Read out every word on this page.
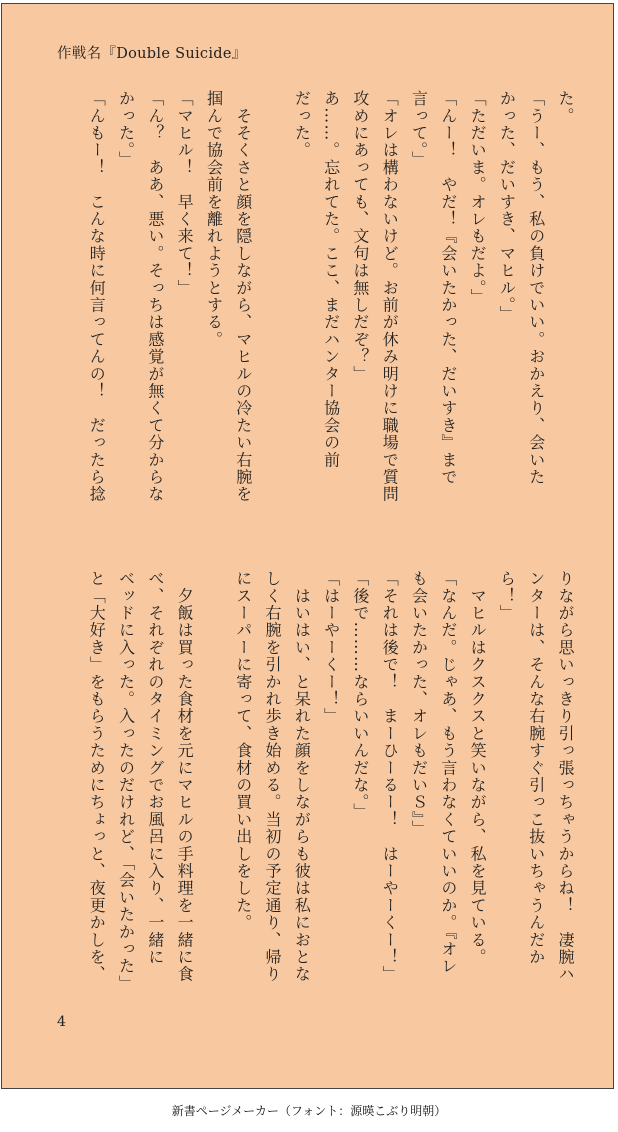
作戦名『Double Suicide』
た。
「うー、もう、私の負けでいい。おかえり、会いた
かった、だいすき、マヒル。」
「ただいま。オレもだよ。」
「んー！　やだ！『会いたかった、だいすき』まで
言って。」
「オレは構わないけど。お前が休み明けに職場で質問
攻めにあっても、文句は無しだぞ？」
あ……。忘れてた。ここ、まだハンター協会の前
だった。

　そそくさと顔を隠しながら、マヒルの冷たい右腕を
掴んで協会前を離れようとする。
「マヒル！　早く来て！」
「ん？　ああ、悪い。そっちは感覚が無くて分からな
かった。」
「んもー！　こんな時に何言ってんの！　だったら捻
りながら思いっきり引っ張っちゃうからね！　凄腕ハ
ンターは、そんな右腕すぐ引っこ抜いちゃうんだか
ら！」
　マヒルはクスクスと笑いながら、私を見ている。
「なんだ。じゃあ、もう言わなくていいのか。『オレ
も会いたかった、オレもだいＳ』」
「それは後で！　まーひーるー！　はーやーくー！」
「後で………ならいいんだな。」
「はーやーくー！」
　はいはい、と呆れた顔をしながらも彼は私におとな
しく右腕を引かれ歩き始める。当初の予定通り、帰り
にスーパーに寄って、食材の買い出しをした。

　夕飯は買った食材を元にマヒルの手料理を一緒に食
べ、それぞれのタイミングでお風呂に入り、一緒に
ベッドに入った。入ったのだけれど、「会いたかった」
と「大好き」をもらうためにちょっと、夜更かしを、
4
新書ページメーカー（フォント：源暎こぶり明朝）
